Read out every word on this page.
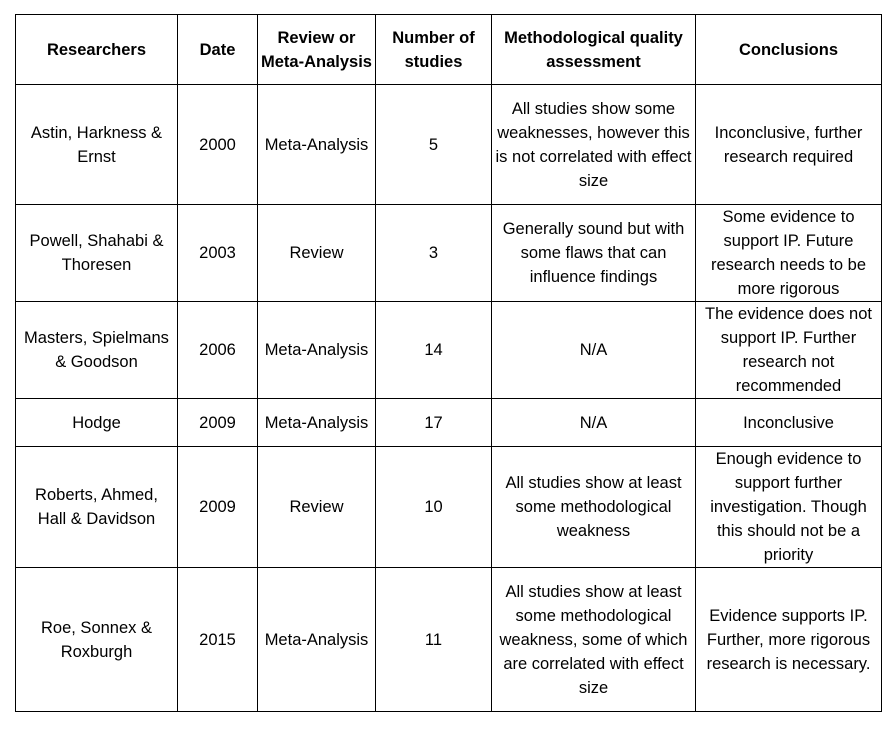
Researchers	Date	Review or Meta-Analysis	Number of studies	Methodological quality assessment	Conclusions
Astin, Harkness & Ernst	2000	Meta-Analysis	5	All studies show some weaknesses, however this is not correlated with effect size	Inconclusive, further research required
Powell, Shahabi & Thoresen	2003	Review	3	Generally sound but with some flaws that can influence findings	Some evidence to support IP. Future research needs to be more rigorous
Masters, Spielmans & Goodson	2006	Meta-Analysis	14	N/A	The evidence does not support IP. Further research not recommended
Hodge	2009	Meta-Analysis	17	N/A	Inconclusive
Roberts, Ahmed, Hall & Davidson	2009	Review	10	All studies show at least some methodological weakness	Enough evidence to support further investigation. Though this should not be a priority
Roe, Sonnex & Roxburgh	2015	Meta-Analysis	11	All studies show at least some methodological weakness, some of which are correlated with effect size	Evidence supports IP. Further, more rigorous research is necessary.
